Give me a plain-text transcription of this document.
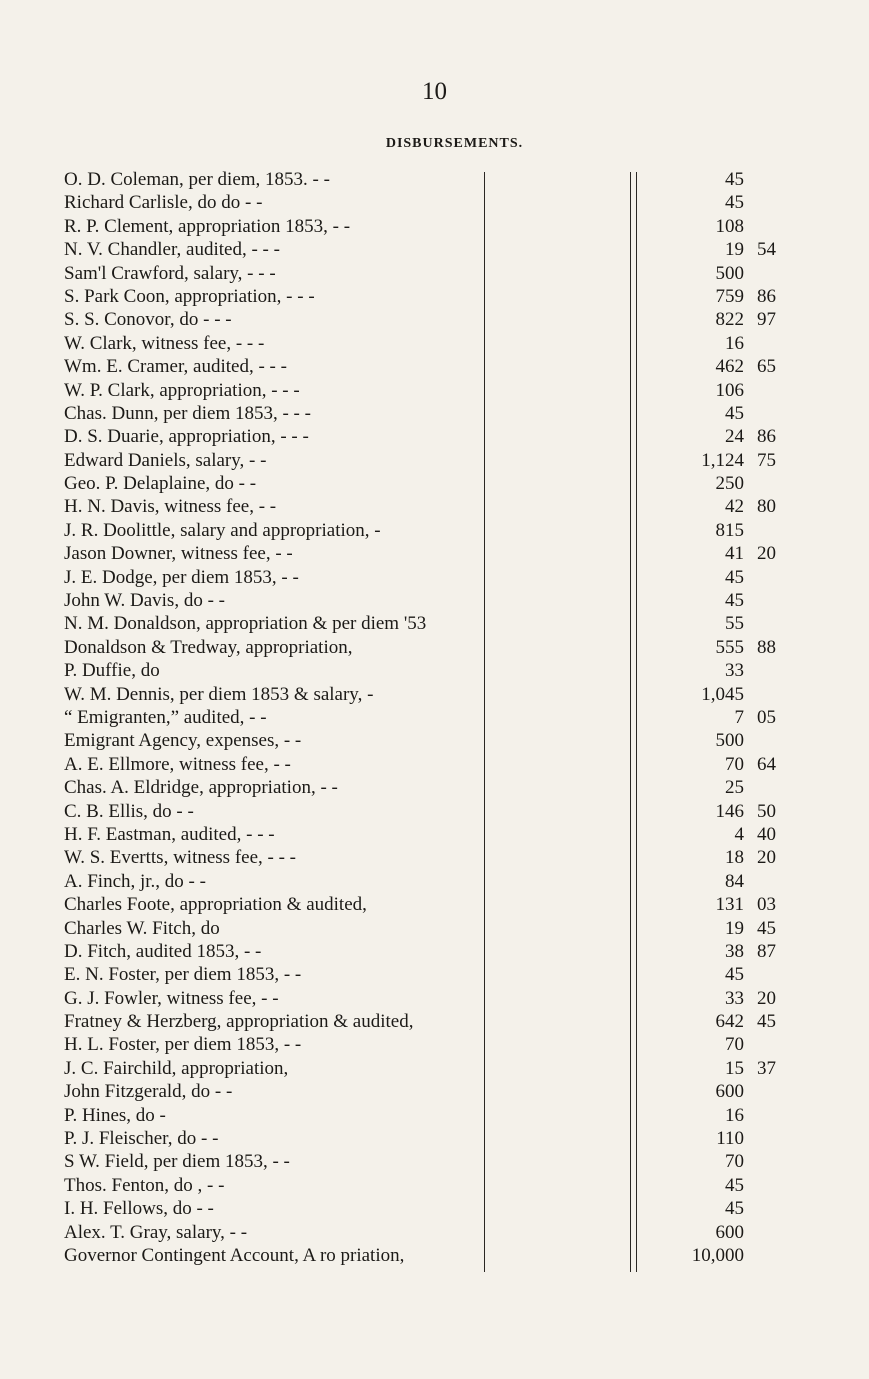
10
DISBURSEMENTS.
O. D. Coleman, per diem, 1853. - -	45
Richard Carlisle, do do - -	45
R. P. Clement, appropriation 1853, - -	108
N. V. Chandler, audited, - - -	19 54
Sam'l Crawford, salary, - - -	500
S. Park Coon, appropriation, - - -	759 86
S. S. Conovor, do - - -	822 97
W. Clark, witness fee, - - -	16
Wm. E. Cramer, audited, - - -	462 65
W. P. Clark, appropriation, - - -	106
Chas. Dunn, per diem 1853, - - -	45
D. S. Duarie, appropriation, - - -	24 86
Edward Daniels, salary, - -	1,124 75
Geo. P. Delaplaine, do - -	250
H. N. Davis, witness fee, - -	42 80
J. R. Doolittle, salary and appropriation, -	815
Jason Downer, witness fee, - -	41 20
J. E. Dodge, per diem 1853, - -	45
John W. Davis, do - -	45
N. M. Donaldson, appropriation & per diem '53	55
Donaldson & Tredway, appropriation,	555 88
P. Duffie, do	33
W. M. Dennis, per diem 1853 & salary, -	1,045
“ Emigranten,” audited, - -	7 05
Emigrant Agency, expenses, - -	500
A. E. Ellmore, witness fee, - -	70 64
Chas. A. Eldridge, appropriation, - -	25
C. B. Ellis, do - -	146 50
H. F. Eastman, audited, - - -	4 40
W. S. Evertts, witness fee, - - -	18 20
A. Finch, jr., do - -	84
Charles Foote, appropriation & audited,	131 03
Charles W. Fitch, do	19 45
D. Fitch, audited 1853, - -	38 87
E. N. Foster, per diem 1853, - -	45
G. J. Fowler, witness fee, - -	33 20
Fratney & Herzberg, appropriation & audited,	642 45
H. L. Foster, per diem 1853, - -	70
J. C. Fairchild, appropriation,	15 37
John Fitzgerald, do - -	600
P. Hines, do -	16
P. J. Fleischer, do - -	110
S W. Field, per diem 1853, - -	70
Thos. Fenton, do , - -	45
I. H. Fellows, do - -	45
Alex. T. Gray, salary, - -	600
Governor Contingent Account, A ro priation,	10,000
